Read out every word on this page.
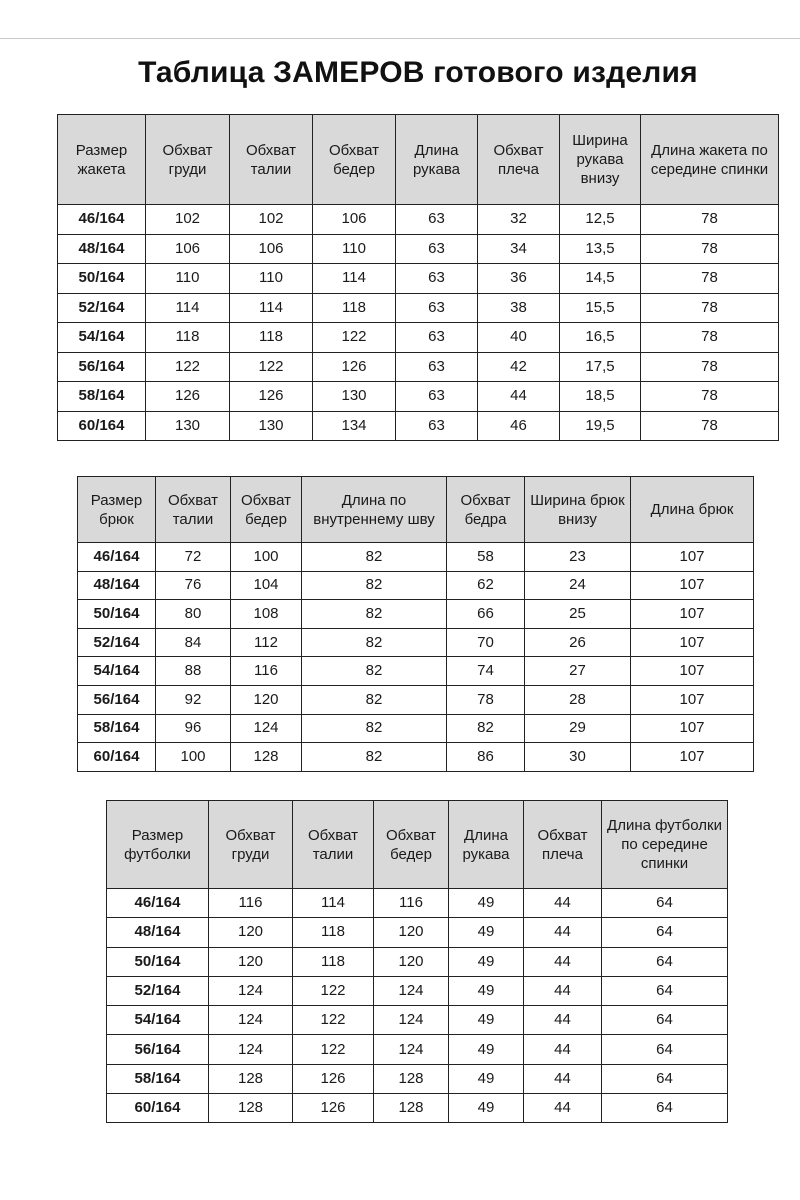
Таблица ЗАМЕРОВ готового изделия
Размер жакета	Обхват груди	Обхват талии	Обхват бедер	Длина рукава	Обхват плеча	Ширина рукава внизу	Длина жакета по середине спинки
46/164	102	102	106	63	32	12,5	78
48/164	106	106	110	63	34	13,5	78
50/164	110	110	114	63	36	14,5	78
52/164	114	114	118	63	38	15,5	78
54/164	118	118	122	63	40	16,5	78
56/164	122	122	126	63	42	17,5	78
58/164	126	126	130	63	44	18,5	78
60/164	130	130	134	63	46	19,5	78
Размер брюк	Обхват талии	Обхват бедер	Длина по внутреннему шву	Обхват бедра	Ширина брюк внизу	Длина брюк
46/164	72	100	82	58	23	107
48/164	76	104	82	62	24	107
50/164	80	108	82	66	25	107
52/164	84	112	82	70	26	107
54/164	88	116	82	74	27	107
56/164	92	120	82	78	28	107
58/164	96	124	82	82	29	107
60/164	100	128	82	86	30	107
Размер футболки	Обхват груди	Обхват талии	Обхват бедер	Длина рукава	Обхват плеча	Длина футболки по середине спинки
46/164	116	114	116	49	44	64
48/164	120	118	120	49	44	64
50/164	120	118	120	49	44	64
52/164	124	122	124	49	44	64
54/164	124	122	124	49	44	64
56/164	124	122	124	49	44	64
58/164	128	126	128	49	44	64
60/164	128	126	128	49	44	64
